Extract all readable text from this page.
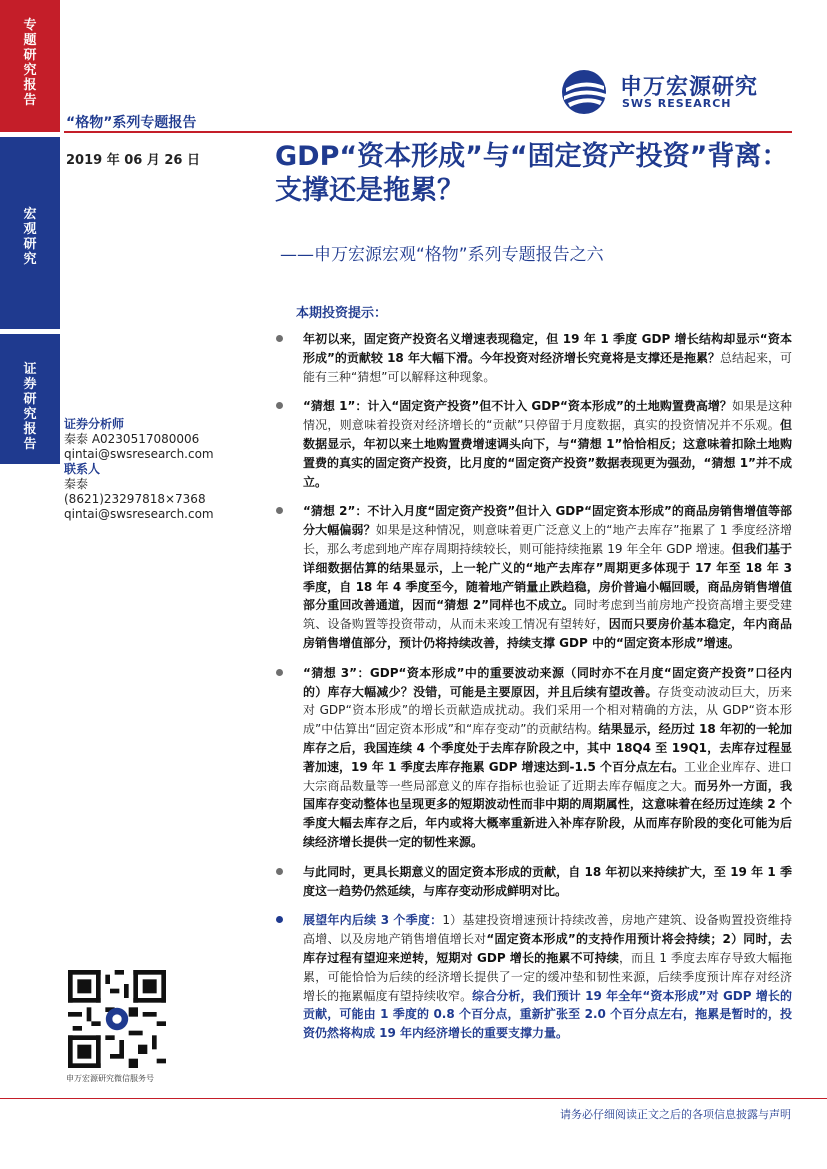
专题研究报告
宏观研究
证券研究报告
申万宏源研究
SWS RESEARCH
“格物”系列专题报告
2019 年 06 月 26 日	GDP“资本形成”与“固定资产投资”背离：支撑还是拖累？
——申万宏源宏观“格物”系列专题报告之六
本期投资提示：
证券分析师
秦泰 A0230517080006
qintai@swsresearch.com
联系人
秦泰
(8621)23297818×7368
qintai@swsresearch.com
年初以来，固定资产投资名义增速表现稳定，但 19 年 1 季度 GDP 增长结构却显示“资本形成”的贡献较 18 年大幅下滑。今年投资对经济增长究竟将是支撑还是拖累？总结起来，可能有三种“猜想”可以解释这种现象。
“猜想 1”：计入“固定资产投资”但不计入 GDP“资本形成”的土地购置费高增？如果是这种情况，则意味着投资对经济增长的“贡献”只停留于月度数据，真实的投资情况并不乐观。但数据显示，年初以来土地购置费增速调头向下，与“猜想 1”恰恰相反；这意味着扣除土地购置费的真实的固定资产投资，比月度的“固定资产投资”数据表现更为强劲，“猜想 1”并不成立。
“猜想 2”：不计入月度“固定资产投资”但计入 GDP“固定资本形成”的商品房销售增值等部分大幅偏弱？如果是这种情况，则意味着更广泛意义上的“地产去库存”拖累了 1 季度经济增长，那么考虑到地产库存周期持续较长，则可能持续拖累 19 年全年 GDP 增速。但我们基于详细数据估算的结果显示，上一轮广义的“地产去库存”周期更多体现于 17 年至 18 年 3 季度，自 18 年 4 季度至今，随着地产销量止跌趋稳，房价普遍小幅回暖，商品房销售增值部分重回改善通道，因而“猜想 2”同样也不成立。同时考虑到当前房地产投资高增主要受建筑、设备购置等投资带动，从而未来竣工情况有望转好，因而只要房价基本稳定，年内商品房销售增值部分，预计仍将持续改善，持续支撑 GDP 中的“固定资本形成”增速。
“猜想 3”：GDP“资本形成”中的重要波动来源（同时亦不在月度“固定资产投资”口径内的）库存大幅减少？没错，可能是主要原因，并且后续有望改善。存货变动波动巨大，历来对 GDP“资本形成”的增长贡献造成扰动。我们采用一个相对精确的方法，从 GDP“资本形成”中估算出“固定资本形成”和“库存变动”的贡献结构。结果显示，经历过 18 年初的一轮加库存之后，我国连续 4 个季度处于去库存阶段之中，其中 18Q4 至 19Q1，去库存过程显著加速，19 年 1 季度去库存拖累 GDP 增速达到-1.5 个百分点左右。工业企业库存、进口大宗商品数量等一些局部意义的库存指标也验证了近期去库存幅度之大。而另外一方面，我国库存变动整体也呈现更多的短期波动性而非中期的周期属性，这意味着在经历过连续 2 个季度大幅去库存之后，年内或将大概率重新进入补库存阶段，从而库存阶段的变化可能为后续经济增长提供一定的韧性来源。
与此同时，更具长期意义的固定资本形成的贡献，自 18 年初以来持续扩大，至 19 年 1 季度这一趋势仍然延续，与库存变动形成鲜明对比。
展望年内后续 3 个季度：1）基建投资增速预计持续改善，房地产建筑、设备购置投资维持高增、以及房地产销售增值增长对“固定资本形成”的支持作用预计将会持续；2）同时，去库存过程有望迎来逆转，短期对 GDP 增长的拖累不可持续，而且 1 季度去库存导致大幅拖累，可能恰恰为后续的经济增长提供了一定的缓冲垫和韧性来源，后续季度预计库存对经济增长的拖累幅度有望持续收窄。综合分析，我们预计 19 年全年“资本形成”对 GDP 增长的贡献，可能由 1 季度的 0.8 个百分点，重新扩张至 2.0 个百分点左右，拖累是暂时的，投资仍然将构成 19 年内经济增长的重要支撑力量。
申万宏源研究微信服务号
请务必仔细阅读正文之后的各项信息披露与声明
